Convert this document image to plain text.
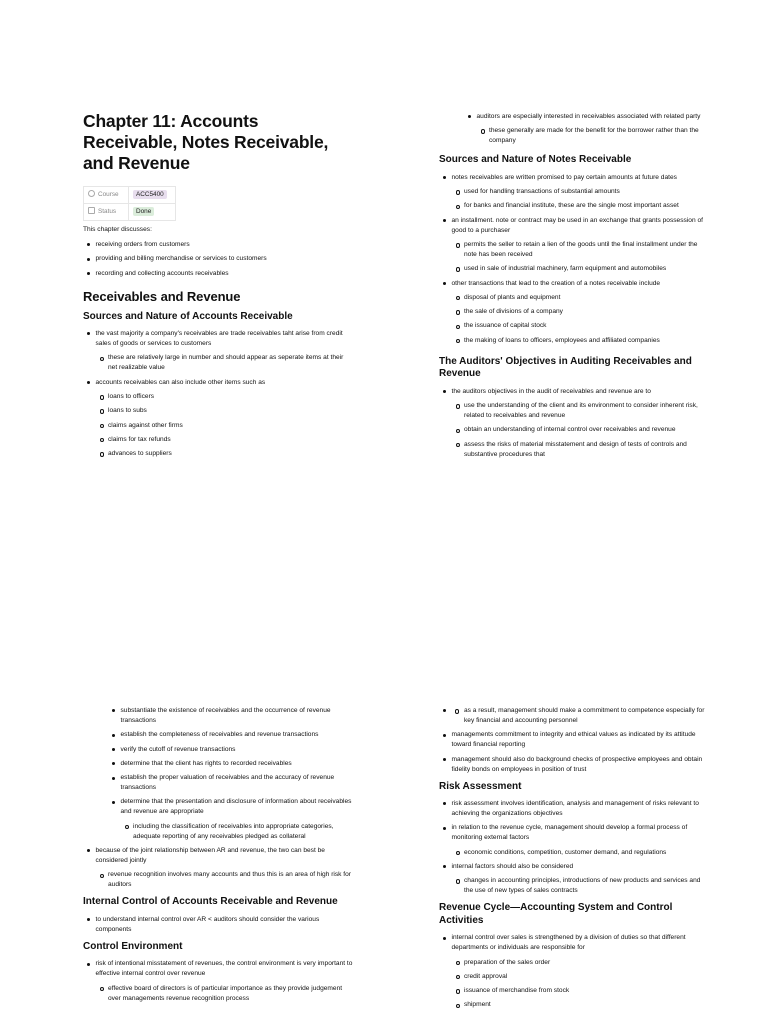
Chapter 11: Accounts Receivable, Notes Receivable, and Revenue
Course	ACC5400
Status	Done
This chapter discusses:
receiving orders from customers
providing and billing merchandise or services to customers
recording and collecting accounts receivables
Receivables and Revenue
Sources and Nature of Accounts Receivable
the vast majority a company's receivables are trade receivables taht arise from credit sales of goods or services to customers
these are relatively large in number and should appear as seperate items at their net realizable value
accounts receivables can also include other items such as
loans to officers
loans to subs
claims against other firms
claims for tax refunds
advances to suppliers
auditors are especially interested in receivables associated with related party
these generally are made for the benefit for the borrower rather than the company
Sources and Nature of Notes Receivable
notes receivables are written promised to pay certain amounts at future dates
used for handling transactions of substantial amounts
for banks and financial institute, these are the single most important asset
an installment. note or contract may be used in an exchange that grants possession of good to a purchaser
permits the seller to retain a lien of the goods until the final installment under the note has been received
used in sale of industrial machinery, farm equipment and automobiles
other transactions that lead to the creation of a notes receivable include
disposal of plants and equipment
the sale of divisions of a company
the issuance of capital stock
the making of loans to officers, employees and affiliated companies
The Auditors' Objectives in Auditing Receivables and Revenue
the auditors objectives in the audit of receivables and revenue are to
use the understanding of the client and its environment to consider inherent risk, related to receivables and revenue
obtain an understanding of internal control over receivables and revenue
assess the risks of material misstatement and design of tests of controls and substantive procedures that
substantiate the existence of receivables and the occurrence of revenue transactions
establish the completeness of receivables and revenue transactions
verify the cutoff of revenue transactions
determine that the client has rights to recorded receivables
establish the proper valuation of receivables and the accuracy of revenue transactions
determine that the presentation and disclosure of information about receivables and revenue are appropriate
including the classification of receivables into appropriate categories, adequate reporting of any receivables pledged as collateral
because of the joint relationship between AR and revenue, the two can best be considered jointly
revenue recognition involves many accounts and thus this is an area of high risk for auditors
Internal Control of Accounts Receivable and Revenue
to understand internal control over AR < auditors should consider the various components
Control Environment
risk of intentional misstatement of revenues, the control environment is very important to effective internal control over revenue
effective board of directors is of particular importance as they provide judgement over managements revenue recognition process
as a result, management should make a commitment to competence especially for key financial and accounting personnel
managements commitment to integrity and ethical values as indicated by its attitude toward financial reporting
management should also do background checks of prospective employees and obtain fidelity bonds on employees in position of trust
Risk Assessment
risk assessment involves identification, analysis and management of risks relevant to achieving the organizations objectives
in relation to the revenue cycle, management should develop a formal process of monitoring external factors
economic conditions, competition, customer demand, and regulations
internal factors should also be considered
changes in accounting principles, introductions of new products and services and the use of new types of sales contracts
Revenue Cycle—Accounting System and Control Activities
internal control over sales is strengthened by a division of duties so that different departments or individuals are responsible for
preparation of the sales order
credit approval
issuance of merchandise from stock
shipment
